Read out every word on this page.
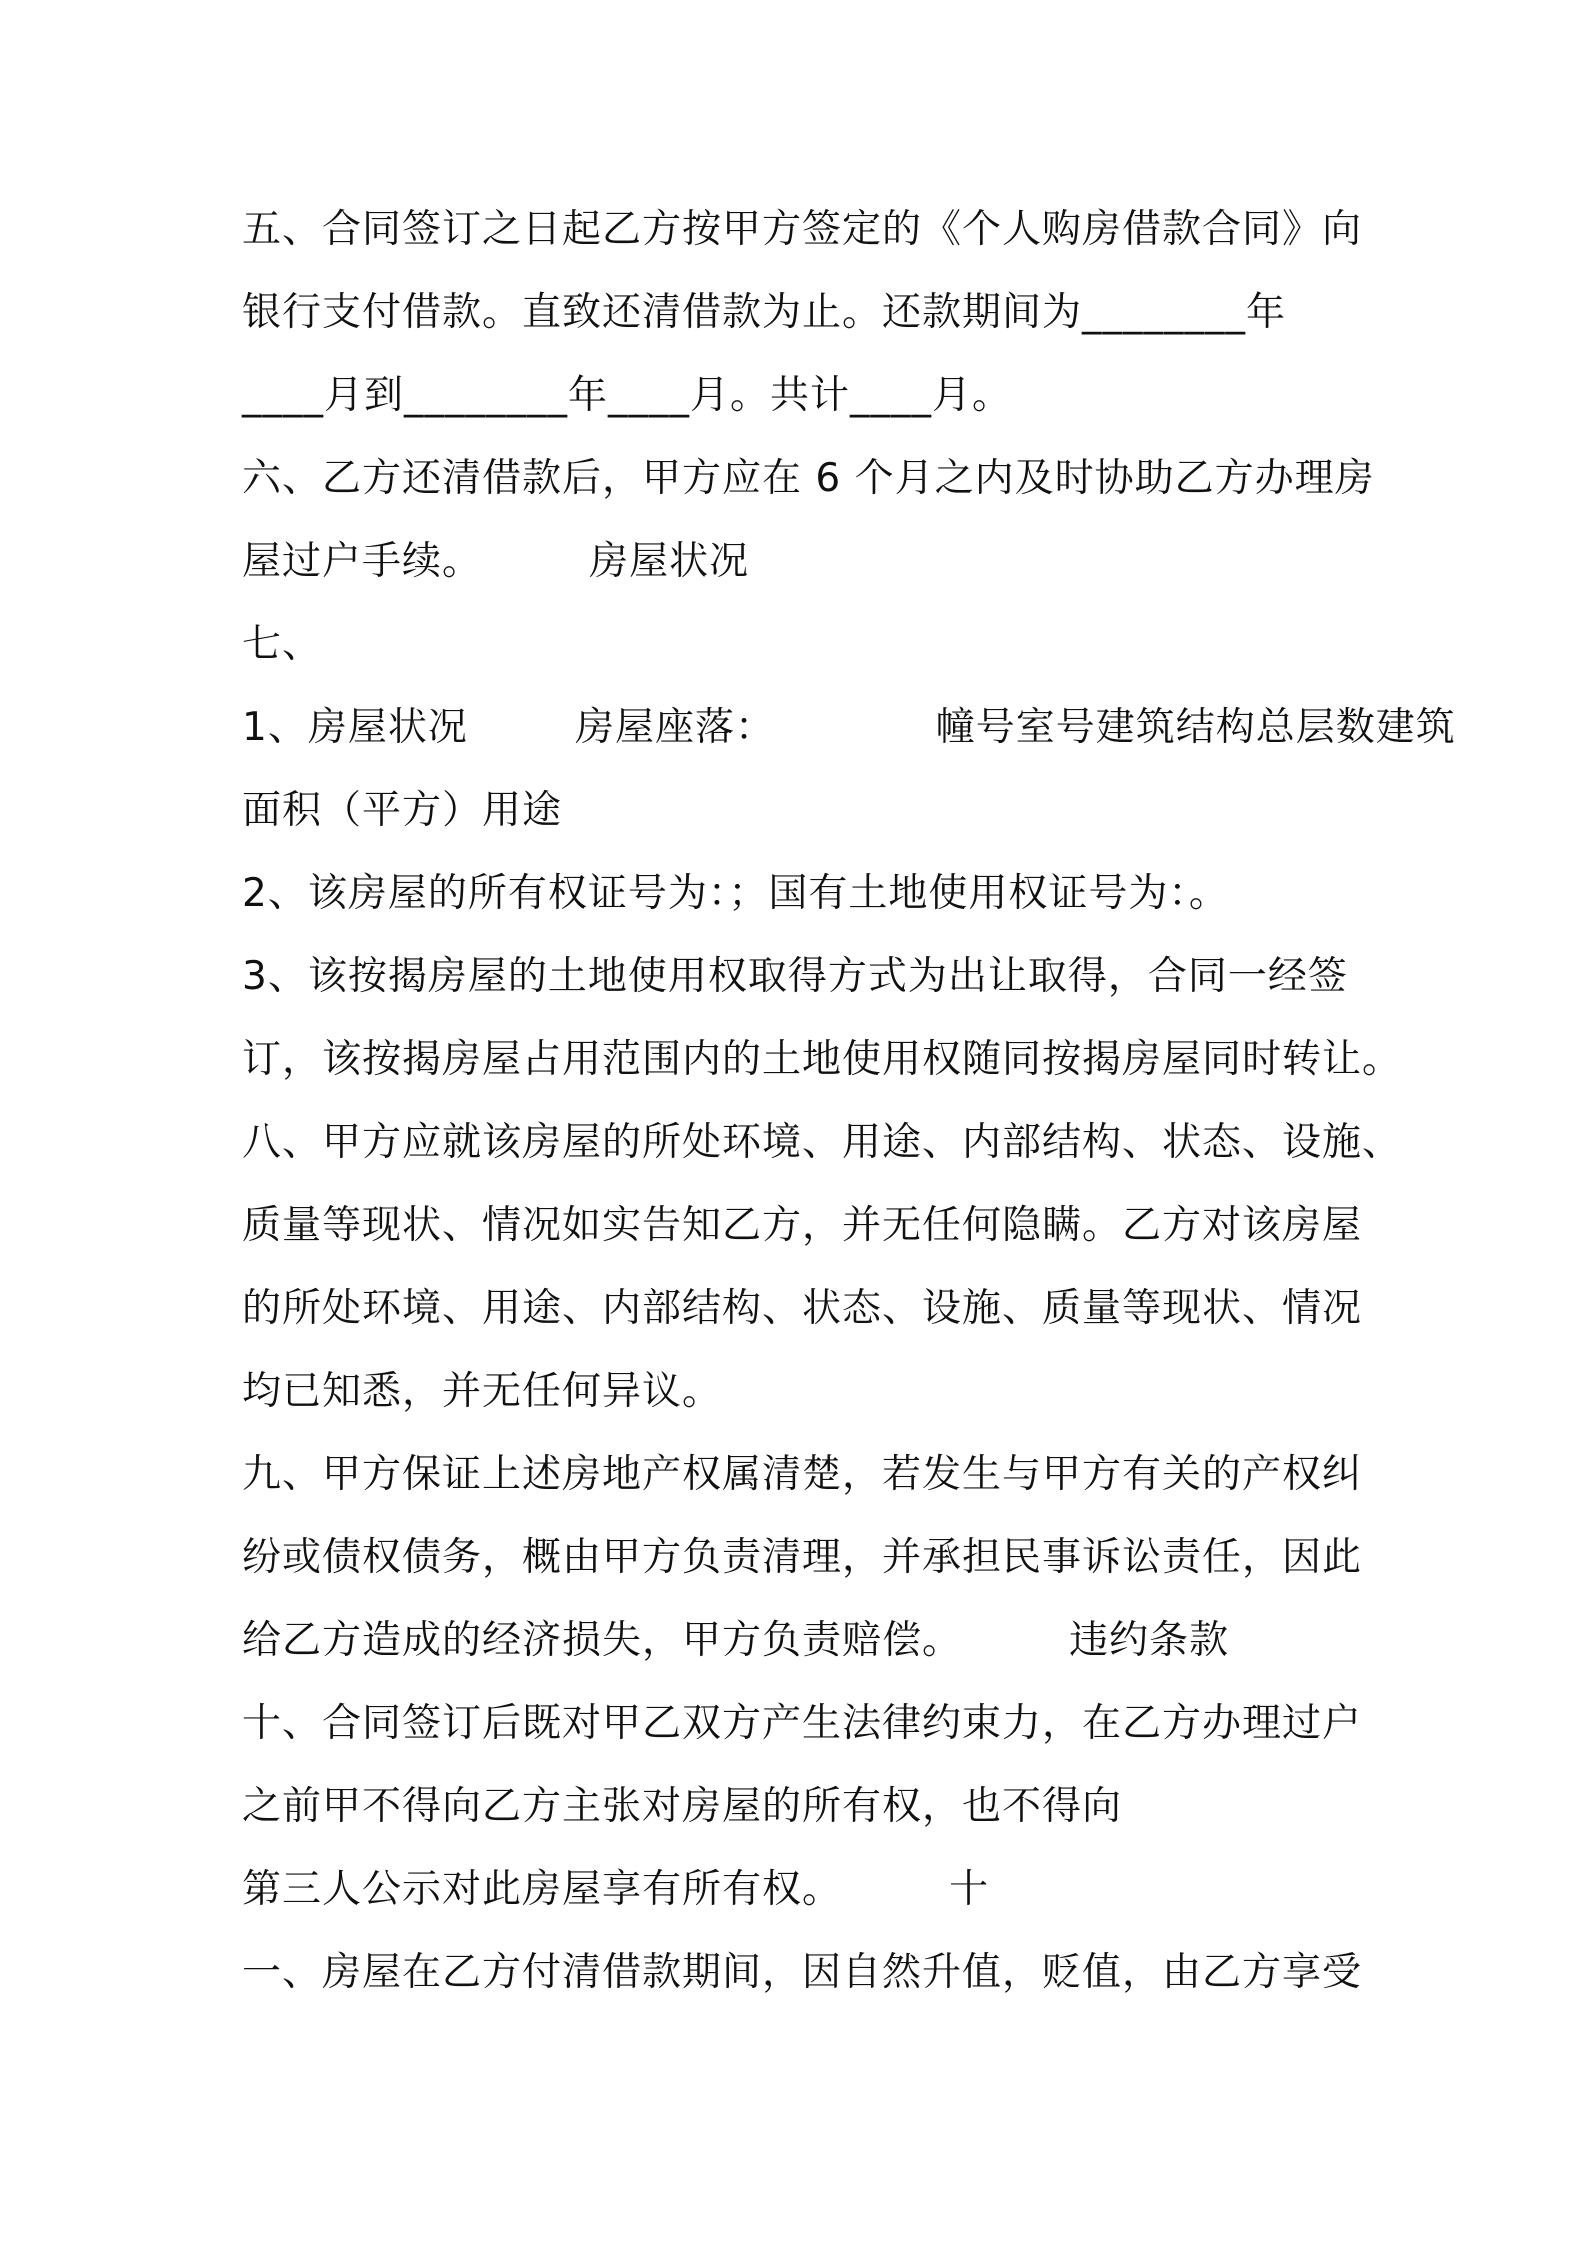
五、合同签订之日起乙方按甲方签定的《个人购房借款合同》向
银行支付借款。直致还清借款为止。还款期间为________年
____月到________年____月。共计____月。
六、乙方还清借款后，甲方应在 6 个月之内及时协助乙方办理房
屋过户手续。        房屋状况
七、
1、房屋状况        房屋座落：            幢号室号建筑结构总层数建筑
面积（平方）用途
2、该房屋的所有权证号为：；国有土地使用权证号为：。
3、该按揭房屋的土地使用权取得方式为出让取得，合同一经签
订，该按揭房屋占用范围内的土地使用权随同按揭房屋同时转让。
八、甲方应就该房屋的所处环境、用途、内部结构、状态、设施、
质量等现状、情况如实告知乙方，并无任何隐瞒。乙方对该房屋
的所处环境、用途、内部结构、状态、设施、质量等现状、情况
均已知悉，并无任何异议。
九、甲方保证上述房地产权属清楚，若发生与甲方有关的产权纠
纷或债权债务，概由甲方负责清理，并承担民事诉讼责任，因此
给乙方造成的经济损失，甲方负责赔偿。        违约条款
十、合同签订后既对甲乙双方产生法律约束力，在乙方办理过户
之前甲不得向乙方主张对房屋的所有权，也不得向
第三人公示对此房屋享有所有权。        十
一、房屋在乙方付清借款期间，因自然升值，贬值，由乙方享受
